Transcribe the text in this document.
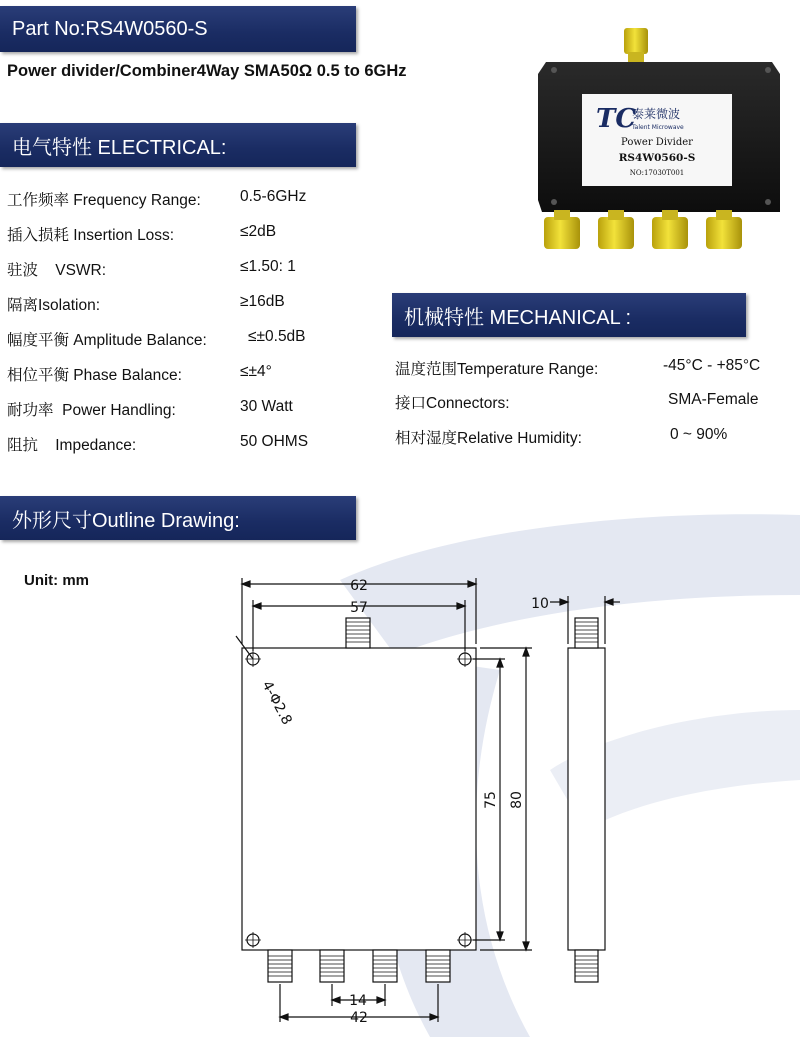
Part No:RS4W0560-S
Power divider/Combiner4Way SMA50Ω 0.5 to 6GHz
电气特性 ELECTRICAL:
工作频率 Frequency Range:	0.5-6GHz
插入损耗 Insertion Loss:	≤2dB
驻波    VSWR:	≤1.50: 1
隔离Isolation:	≥16dB
幅度平衡 Amplitude Balance:	≤±0.5dB
相位平衡 Phase Balance:	≤±4°
耐功率  Power Handling:	30 Watt
阻抗    Impedance:	50 OHMS
TC
泰莱微波
Talent Microwave
Power Divider
RS4W0560-S
NO:17030T001
机械特性 MECHANICAL :
温度范围Temperature Range:	-45°C - +85°C
接口Connectors:	SMA-Female
相对湿度Relative Humidity:	0 ~ 90%
外形尺寸Outline Drawing:
Unit: mm	62
57	10
75 80
4-Φ2.8
14
42
